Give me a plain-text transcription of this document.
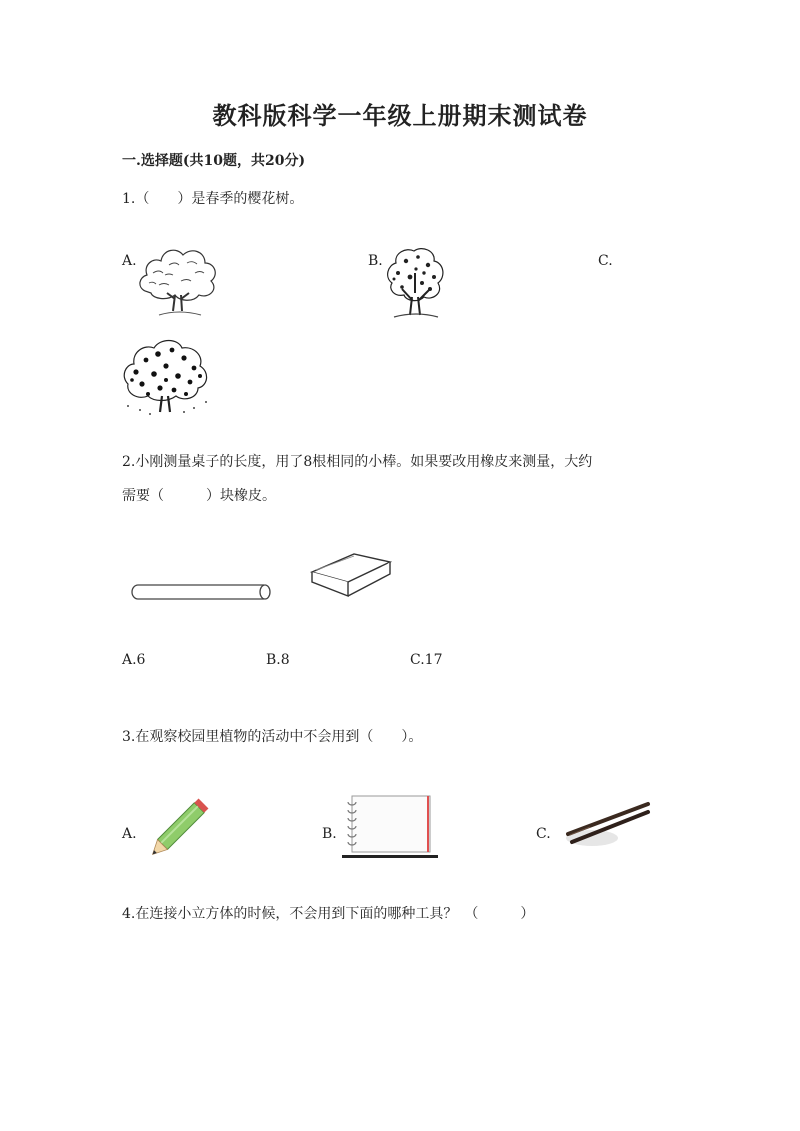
教科版科学一年级上册期末测试卷
一.选择题(共10题，共20分)
1.（　　）是春季的樱花树。
A.	B.	C.
2.小刚测量桌子的长度，用了8根相同的小棒。如果要改用橡皮来测量，大约
需要（　　　）块橡皮。
A.6	B.8	C.17
3.在观察校园里植物的活动中不会用到（　　）。
A.	B.	C.
4.在连接小立方体的时候，不会用到下面的哪种工具？　（　　　）
